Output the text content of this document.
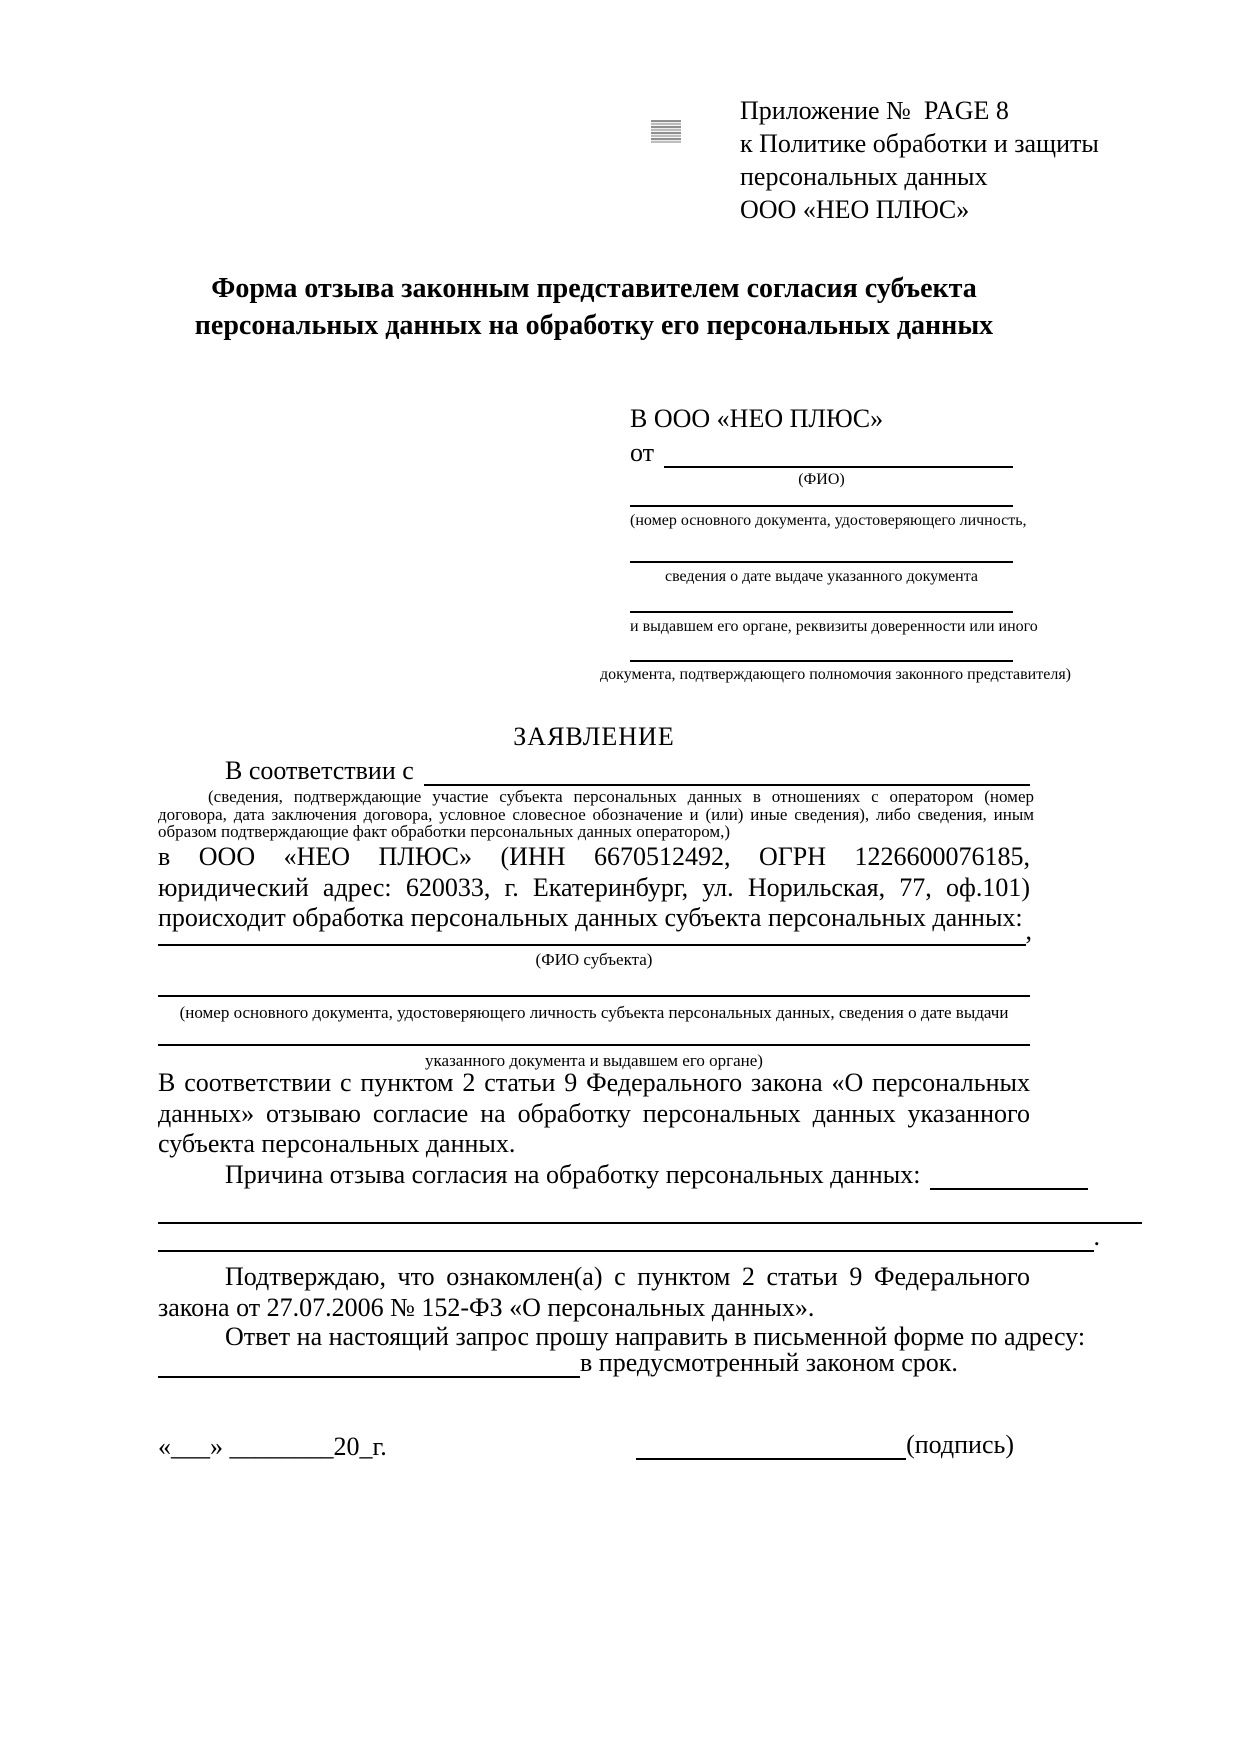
Приложение №  PAGE 8
к Политике обработки и защиты
персональных данных
ООО «НЕО ПЛЮС»
Форма отзыва законным представителем согласия субъекта персональных данных на обработку его персональных данных
В ООО «НЕО ПЛЮС»
от
(ФИО)
(номер основного документа, удостоверяющего личность,
сведения о дате выдаче указанного документа
и выдавшем его органе, реквизиты доверенности или иного
документа, подтверждающего полномочия законного представителя)
ЗАЯВЛЕНИЕ
В соответствии с
(сведения, подтверждающие участие субъекта персональных данных в отношениях с оператором (номер договора, дата заключения договора, условное словесное обозначение и (или) иные сведения), либо сведения, иным образом подтверждающие факт обработки персональных данных оператором,)
в ООО «НЕО ПЛЮС» (ИНН 6670512492, ОГРН 1226600076185, юридический адрес: 620033, г. Екатеринбург, ул. Норильская, 77, оф.101) происходит обработка персональных данных субъекта персональных данных: ,
(ФИО субъекта)
(номер основного документа, удостоверяющего личность субъекта персональных данных, сведения о дате выдачи
указанного документа и выдавшем его органе)
В соответствии с пунктом 2 статьи 9 Федерального закона «О персональных данных» отзываю согласие на обработку персональных данных указанного субъекта персональных данных.
Причина отзыва согласия на обработку персональных данных:
.
Подтверждаю, что ознакомлен(а) с пунктом 2 статьи 9 Федерального закона от 27.07.2006 № 152-ФЗ «О персональных данных».
Ответ на настоящий запрос прошу направить в письменной форме по адресу:
в предусмотренный законом срок.
«___» ________20_г.	(подпись)
